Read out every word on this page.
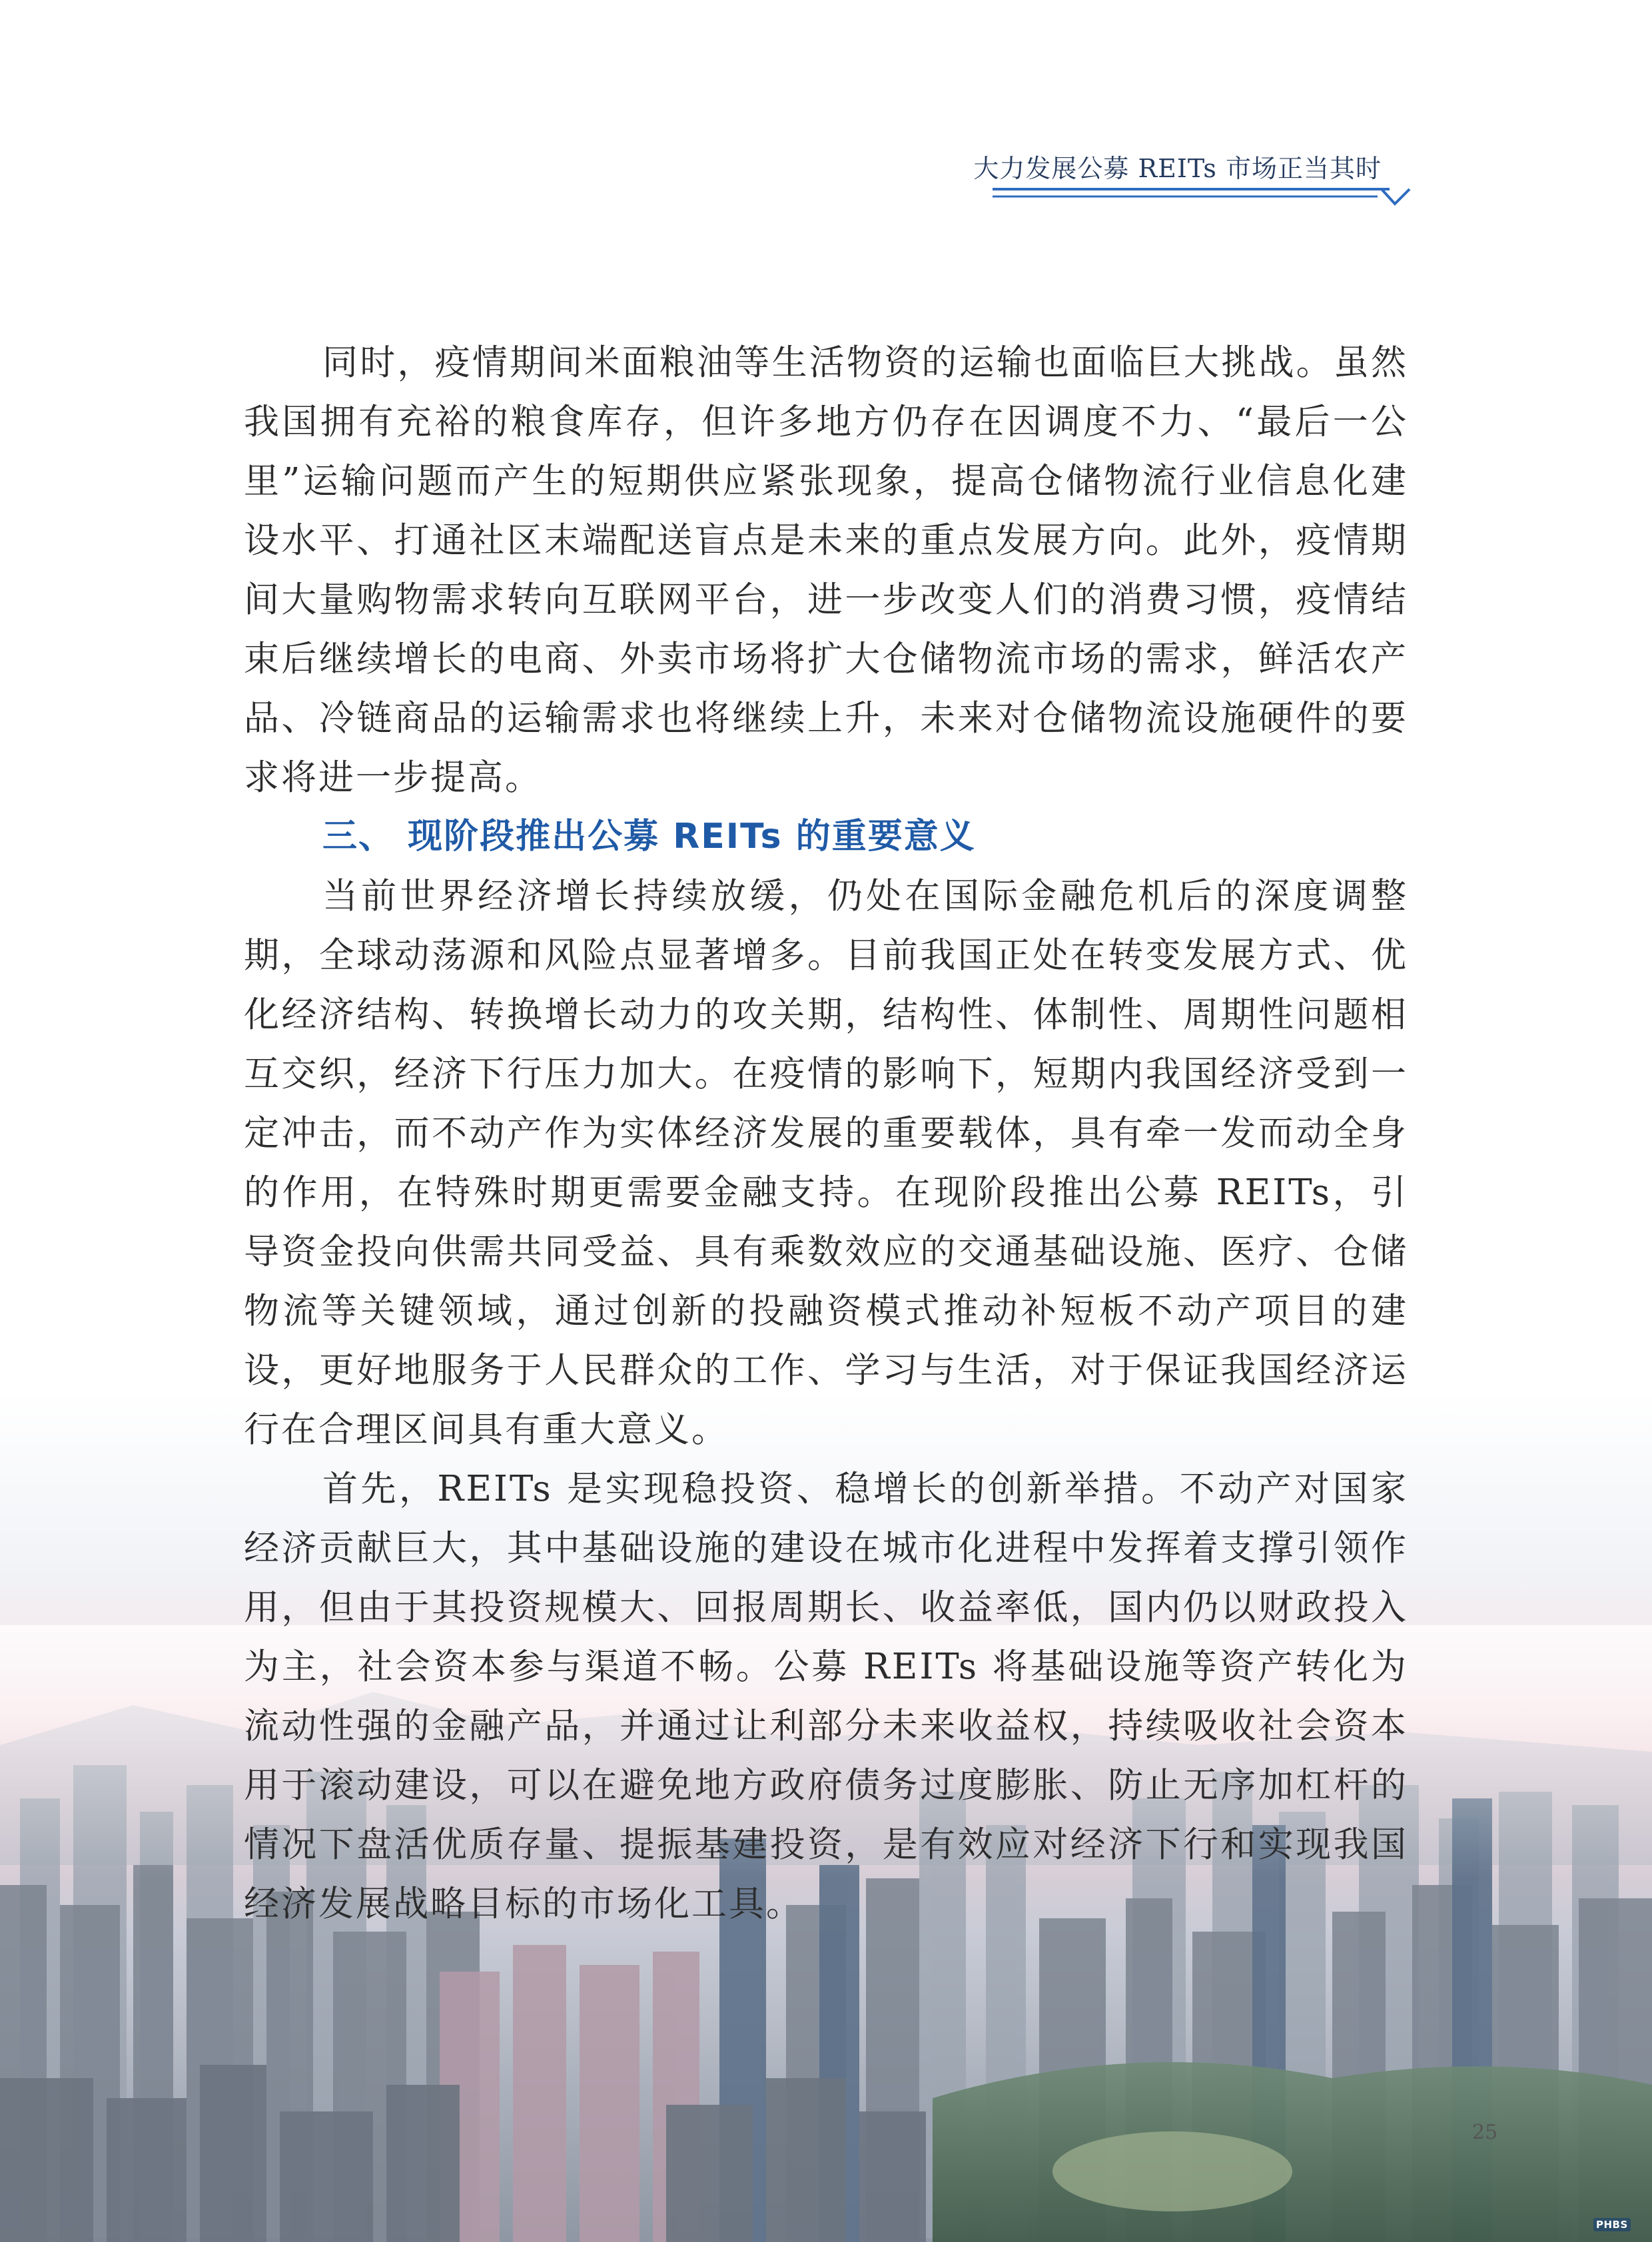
大力发展公募 REITs 市场正当其时

同时，疫情期间米面粮油等生活物资的运输也面临巨大挑战。虽然我国拥有充裕的粮食库存，但许多地方仍存在因调度不力、“最后一公里”运输问题而产生的短期供应紧张现象，提高仓储物流行业信息化建设水平、打通社区末端配送盲点是未来的重点发展方向。此外，疫情期间大量购物需求转向互联网平台，进一步改变人们的消费习惯，疫情结束后继续增长的电商、外卖市场将扩大仓储物流市场的需求，鲜活农产品、冷链商品的运输需求也将继续上升，未来对仓储物流设施硬件的要求将进一步提高。

三、 现阶段推出公募 REITs 的重要意义

当前世界经济增长持续放缓，仍处在国际金融危机后的深度调整期，全球动荡源和风险点显著增多。目前我国正处在转变发展方式、优化经济结构、转换增长动力的攻关期，结构性、体制性、周期性问题相互交织，经济下行压力加大。在疫情的影响下，短期内我国经济受到一定冲击，而不动产作为实体经济发展的重要载体，具有牵一发而动全身的作用，在特殊时期更需要金融支持。在现阶段推出公募 REITs，引导资金投向供需共同受益、具有乘数效应的交通基础设施、医疗、仓储物流等关键领域，通过创新的投融资模式推动补短板不动产项目的建设，更好地服务于人民群众的工作、学习与生活，对于保证我国经济运行在合理区间具有重大意义。

首先，REITs 是实现稳投资、稳增长的创新举措。不动产对国家经济贡献巨大，其中基础设施的建设在城市化进程中发挥着支撑引领作用，但由于其投资规模大、回报周期长、收益率低，国内仍以财政投入为主，社会资本参与渠道不畅。公募 REITs 将基础设施等资产转化为流动性强的金融产品，并通过让利部分未来收益权，持续吸收社会资本用于滚动建设，可以在避免地方政府债务过度膨胀、防止无序加杠杆的情况下盘活优质存量、提振基建投资，是有效应对经济下行和实现我国经济发展战略目标的市场化工具。

25
PHBS
